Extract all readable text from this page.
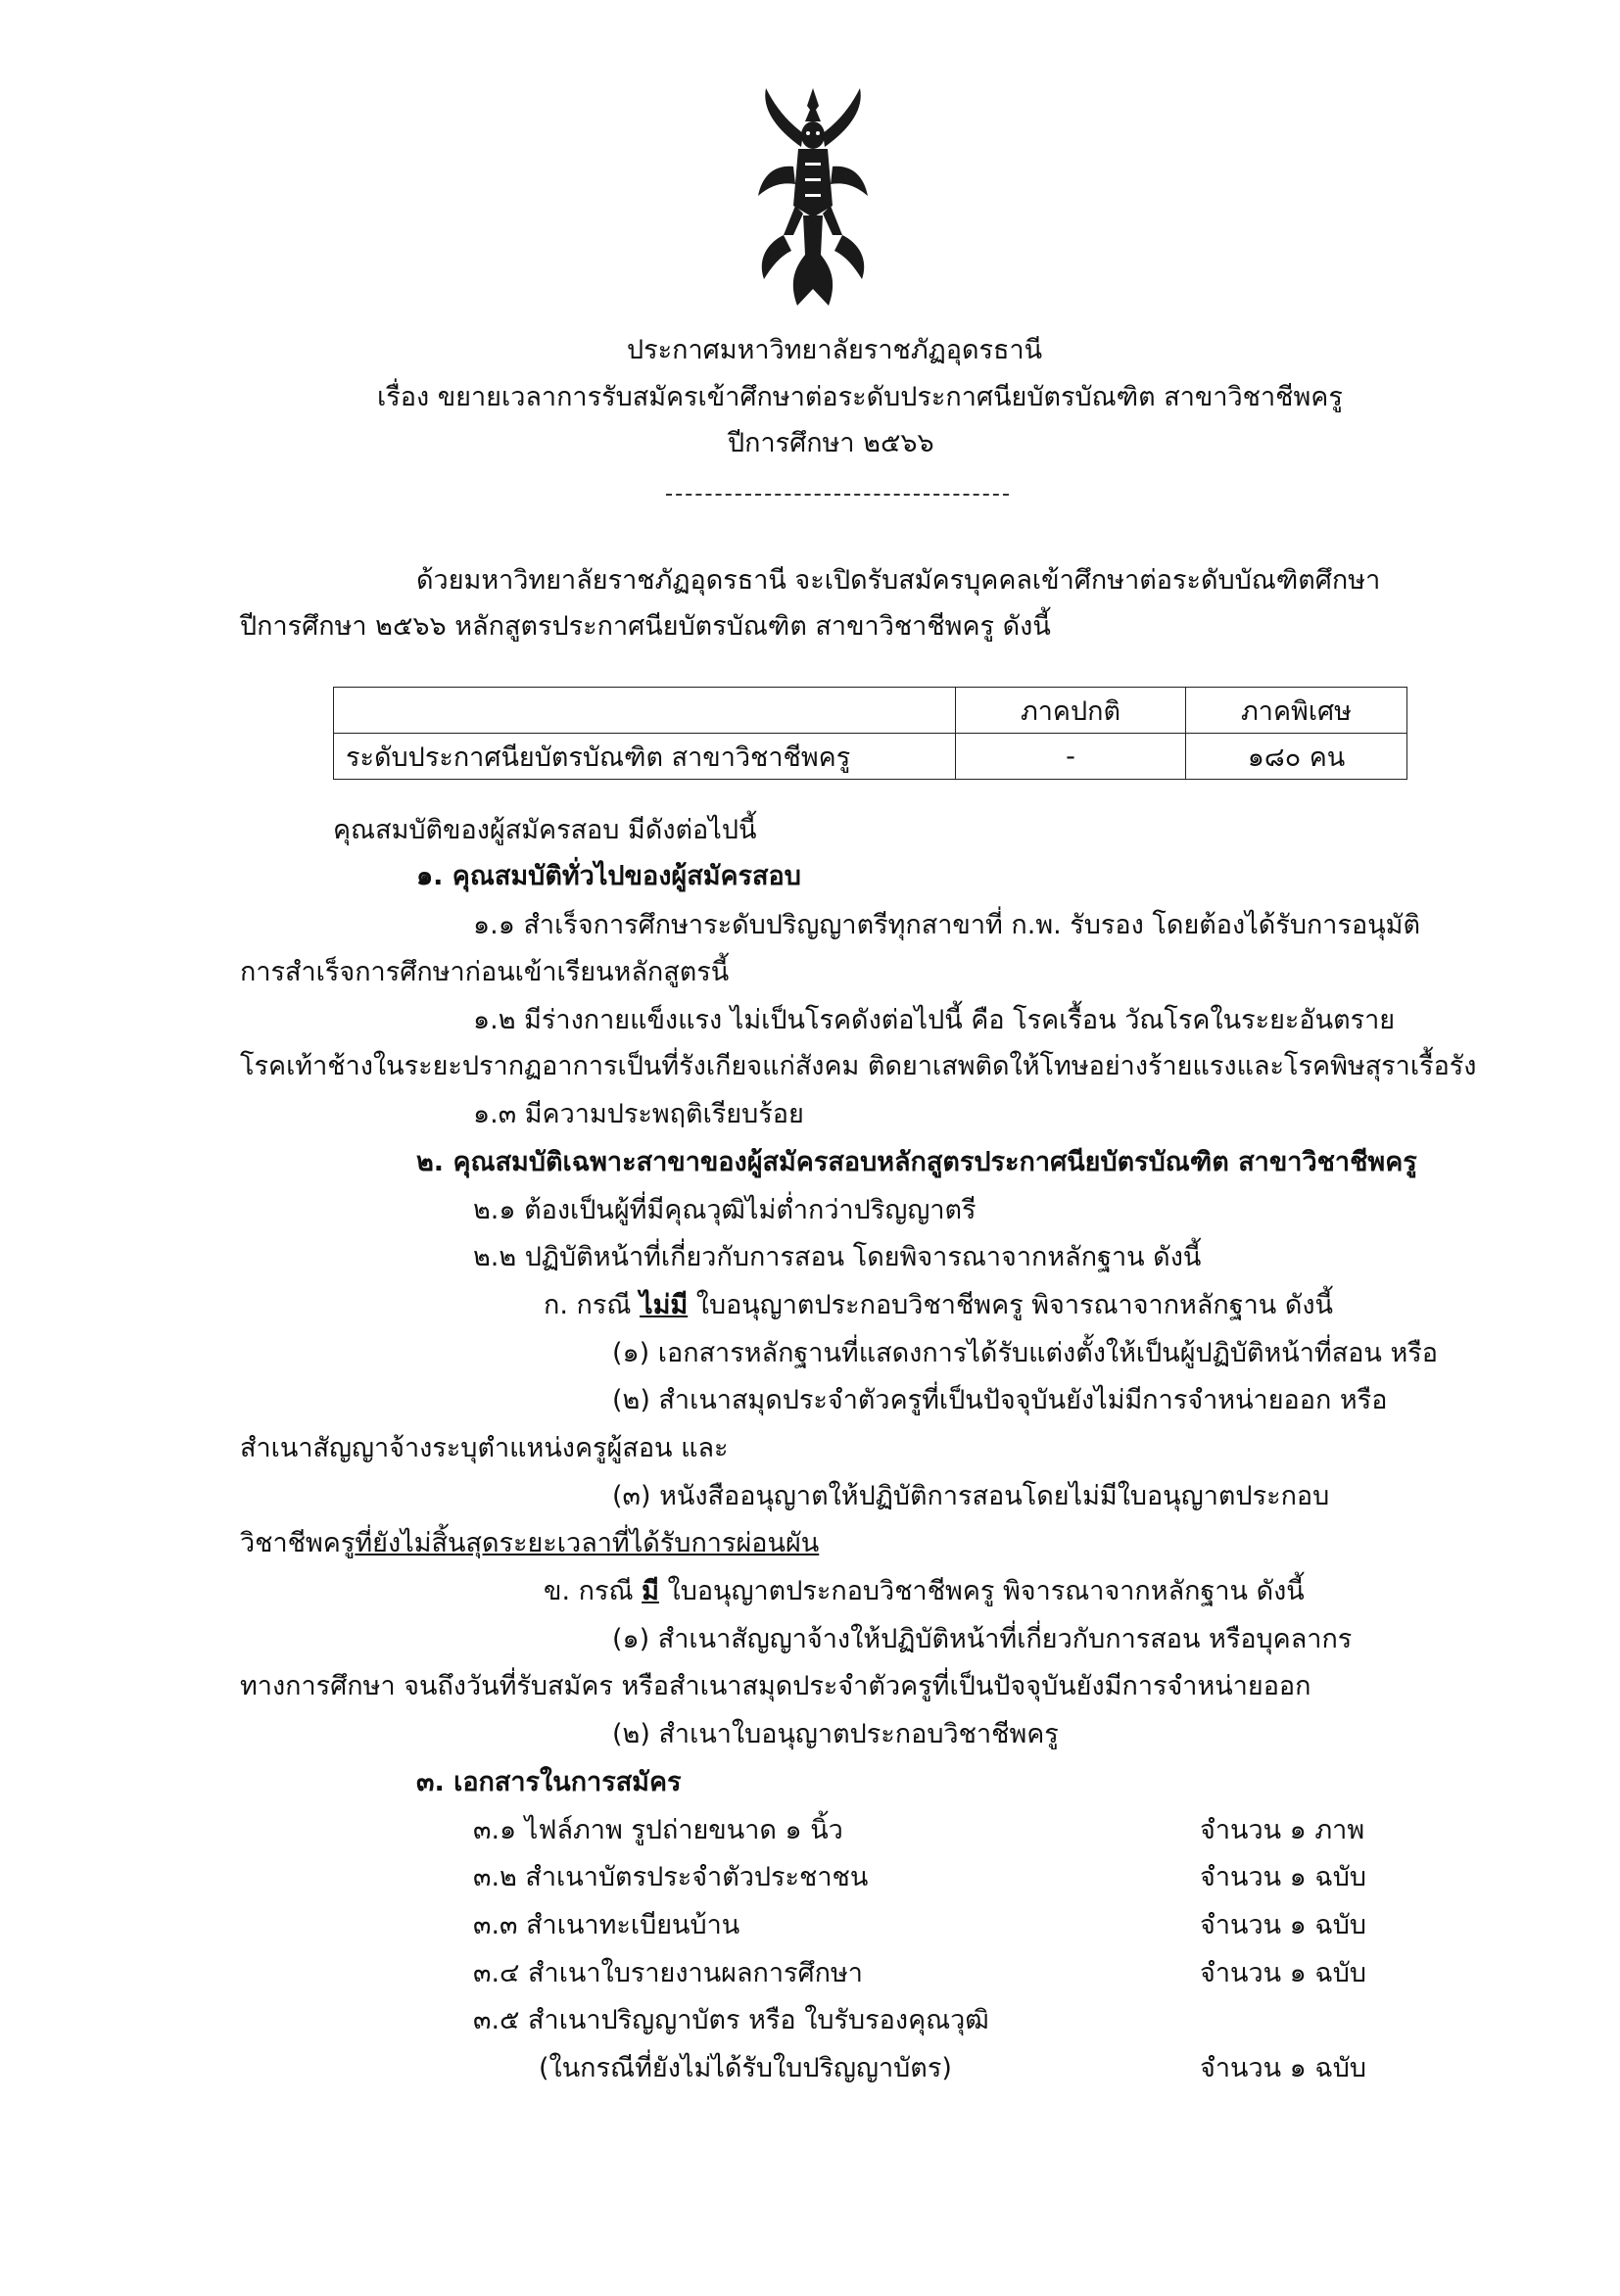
ประกาศมหาวิทยาลัยราชภัฏอุดรธานี
เรื่อง ขยายเวลาการรับสมัครเข้าศึกษาต่อระดับประกาศนียบัตรบัณฑิต สาขาวิชาชีพครู
ปีการศึกษา ๒๕๖๖
ด้วยมหาวิทยาลัยราชภัฏอุดรธานี จะเปิดรับสมัครบุคคลเข้าศึกษาต่อระดับบัณฑิตศึกษา
ปีการศึกษา ๒๕๖๖ หลักสูตรประกาศนียบัตรบัณฑิต สาขาวิชาชีพครู ดังนี้
	ภาคปกติ	ภาคพิเศษ
ระดับประกาศนียบัตรบัณฑิต สาขาวิชาชีพครู	-	๑๘๐ คน
คุณสมบัติของผู้สมัครสอบ มีดังต่อไปนี้
๑. คุณสมบัติทั่วไปของผู้สมัครสอบ
๑.๑ สำเร็จการศึกษาระดับปริญญาตรีทุกสาขาที่ ก.พ. รับรอง โดยต้องได้รับการอนุมัติ
การสำเร็จการศึกษาก่อนเข้าเรียนหลักสูตรนี้
๑.๒ มีร่างกายแข็งแรง ไม่เป็นโรคดังต่อไปนี้ คือ โรคเรื้อน วัณโรคในระยะอันตราย
โรคเท้าช้างในระยะปรากฏอาการเป็นที่รังเกียจแก่สังคม ติดยาเสพติดให้โทษอย่างร้ายแรงและโรคพิษสุราเรื้อรัง
๑.๓ มีความประพฤติเรียบร้อย
๒. คุณสมบัติเฉพาะสาขาของผู้สมัครสอบหลักสูตรประกาศนียบัตรบัณฑิต สาขาวิชาชีพครู
๒.๑ ต้องเป็นผู้ที่มีคุณวุฒิไม่ต่ำกว่าปริญญาตรี
๒.๒ ปฏิบัติหน้าที่เกี่ยวกับการสอน โดยพิจารณาจากหลักฐาน ดังนี้
ก. กรณี ไม่มี ใบอนุญาตประกอบวิชาชีพครู พิจารณาจากหลักฐาน ดังนี้
(๑) เอกสารหลักฐานที่แสดงการได้รับแต่งตั้งให้เป็นผู้ปฏิบัติหน้าที่สอน หรือ
(๒) สำเนาสมุดประจำตัวครูที่เป็นปัจจุบันยังไม่มีการจำหน่ายออก หรือ
สำเนาสัญญาจ้างระบุตำแหน่งครูผู้สอน และ
(๓) หนังสืออนุญาตให้ปฏิบัติการสอนโดยไม่มีใบอนุญาตประกอบ
วิชาชีพครูที่ยังไม่สิ้นสุดระยะเวลาที่ได้รับการผ่อนผัน
ข. กรณี มี ใบอนุญาตประกอบวิชาชีพครู พิจารณาจากหลักฐาน ดังนี้
(๑) สำเนาสัญญาจ้างให้ปฏิบัติหน้าที่เกี่ยวกับการสอน หรือบุคลากร
ทางการศึกษา จนถึงวันที่รับสมัคร หรือสำเนาสมุดประจำตัวครูที่เป็นปัจจุบันยังมีการจำหน่ายออก
(๒) สำเนาใบอนุญาตประกอบวิชาชีพครู
๓. เอกสารในการสมัคร
๓.๑ ไฟล์ภาพ รูปถ่ายขนาด ๑ นิ้ว	จำนวน ๑ ภาพ
๓.๒ สำเนาบัตรประจำตัวประชาชน	จำนวน ๑ ฉบับ
๓.๓ สำเนาทะเบียนบ้าน	จำนวน ๑ ฉบับ
๓.๔ สำเนาใบรายงานผลการศึกษา	จำนวน ๑ ฉบับ
๓.๕ สำเนาปริญญาบัตร หรือ ใบรับรองคุณวุฒิ
(ในกรณีที่ยังไม่ได้รับใบปริญญาบัตร)	จำนวน ๑ ฉบับ
